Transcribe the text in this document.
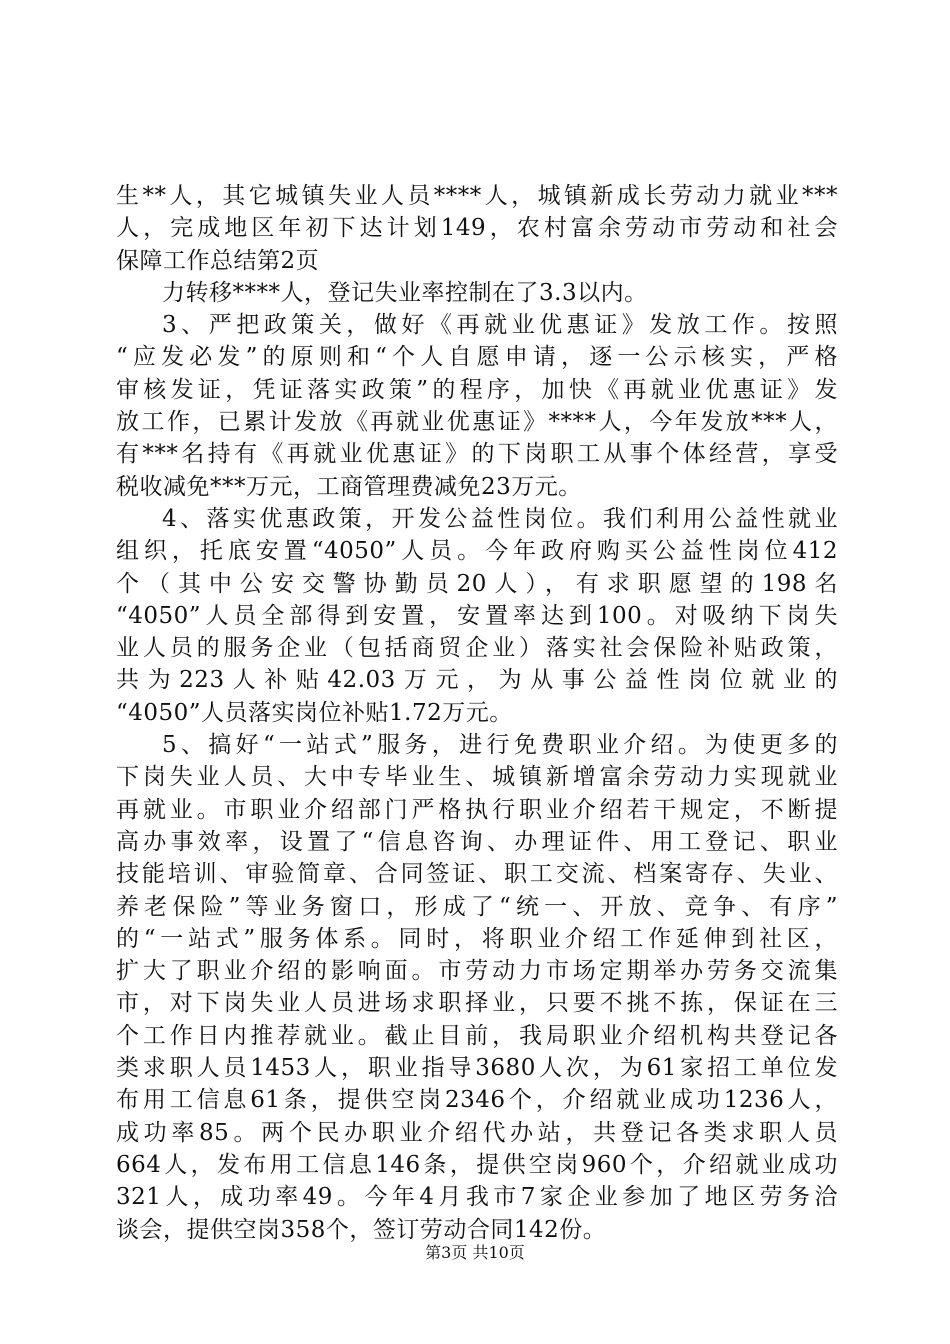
生**人，其它城镇失业人员****人，城镇新成长劳动力就业***
人，完成地区年初下达计划149，农村富余劳动市劳动和社会
保障工作总结第2页
力转移****人，登记失业率控制在了3.3以内。
3、严把政策关，做好《再就业优惠证》发放工作。按照
“应发必发”的原则和“个人自愿申请，逐一公示核实，严格
审核发证，凭证落实政策”的程序，加快《再就业优惠证》发
放工作，已累计发放《再就业优惠证》****人，今年发放***人，
有***名持有《再就业优惠证》的下岗职工从事个体经营，享受
税收减免***万元，工商管理费减免23万元。
4、落实优惠政策，开发公益性岗位。我们利用公益性就业
组织，托底安置“4050”人员。今年政府购买公益性岗位412
个（其中公安交警协勤员20人），有求职愿望的198名
“4050”人员全部得到安置，安置率达到100。对吸纳下岗失
业人员的服务企业（包括商贸企业）落实社会保险补贴政策，
共为223人补贴42.03万元，为从事公益性岗位就业的
“4050”人员落实岗位补贴1.72万元。
5、搞好“一站式”服务，进行免费职业介绍。为使更多的
下岗失业人员、大中专毕业生、城镇新增富余劳动力实现就业
再就业。市职业介绍部门严格执行职业介绍若干规定，不断提
高办事效率，设置了“信息咨询、办理证件、用工登记、职业
技能培训、审验简章、合同签证、职工交流、档案寄存、失业、
养老保险”等业务窗口，形成了“统一、开放、竞争、有序”
的“一站式”服务体系。同时，将职业介绍工作延伸到社区，
扩大了职业介绍的影响面。市劳动力市场定期举办劳务交流集
市，对下岗失业人员进场求职择业，只要不挑不拣，保证在三
个工作日内推荐就业。截止目前，我局职业介绍机构共登记各
类求职人员1453人，职业指导3680人次，为61家招工单位发
布用工信息61条，提供空岗2346个，介绍就业成功1236人，
成功率85。两个民办职业介绍代办站，共登记各类求职人员
664人，发布用工信息146条，提供空岗960个，介绍就业成功
321人，成功率49。今年4月我市7家企业参加了地区劳务洽
谈会，提供空岗358个，签订劳动合同142份。
第3页 共10页
